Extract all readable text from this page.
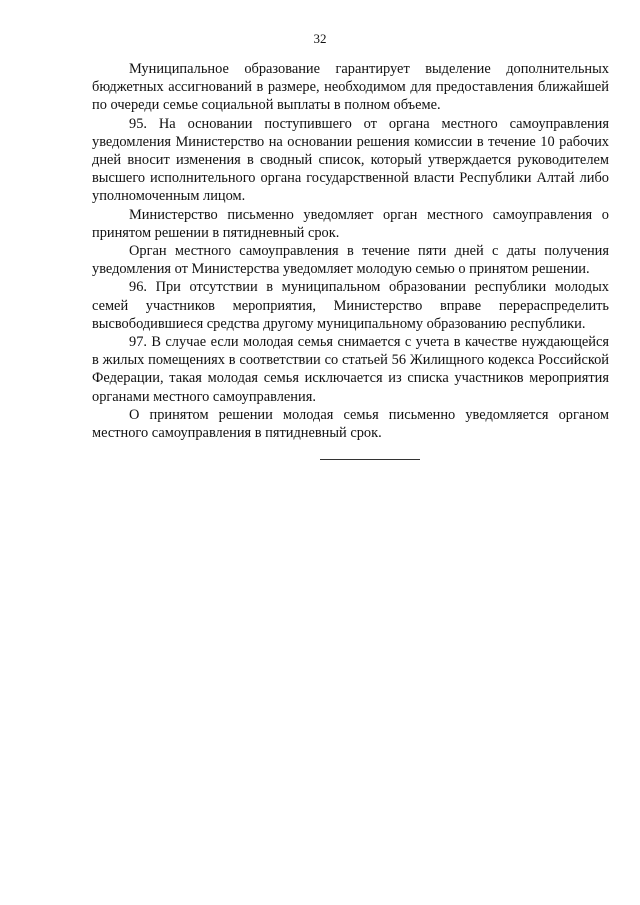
32

Муниципальное образование гарантирует выделение дополнительных бюджетных ассигнований в размере, необходимом для предоставления ближайшей по очереди семье социальной выплаты в полном объеме.

95. На основании поступившего от органа местного самоуправления уведомления Министерство на основании решения комиссии в течение 10 рабочих дней вносит изменения в сводный список, который утверждается руководителем высшего исполнительного органа государственной власти Республики Алтай либо уполномоченным лицом.

Министерство письменно уведомляет орган местного самоуправления о принятом решении в пятидневный срок.

Орган местного самоуправления в течение пяти дней с даты получения уведомления от Министерства уведомляет молодую семью о принятом решении.

96. При отсутствии в муниципальном образовании республики молодых семей участников мероприятия, Министерство вправе перераспределить высвободившиеся средства другому муниципальному образованию республики.

97. В случае если молодая семья снимается с учета в качестве нуждающейся в жилых помещениях в соответствии со статьей 56 Жилищного кодекса Российской Федерации, такая молодая семья исключается из списка участников мероприятия органами местного самоуправления.

О принятом решении молодая семья письменно уведомляется органом местного самоуправления в пятидневный срок.
